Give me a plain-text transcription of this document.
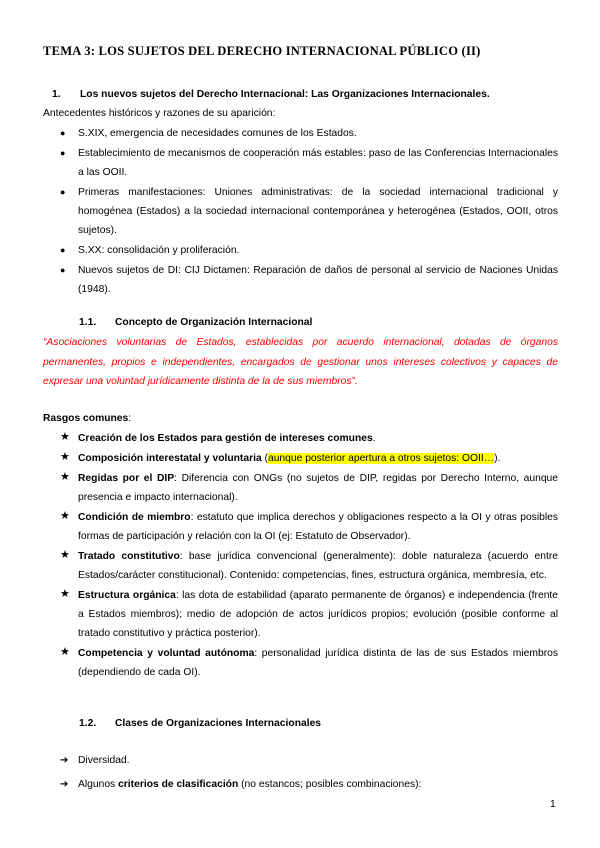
TEMA 3: LOS SUJETOS DEL DERECHO INTERNACIONAL PÚBLICO (II)
1. Los nuevos sujetos del Derecho Internacional: Las Organizaciones Internacionales.
Antecedentes históricos y razones de su aparición:
● S.XIX, emergencia de necesidades comunes de los Estados.
● Establecimiento de mecanismos de cooperación más estables: paso de las Conferencias Internacionales a las OOII.
● Primeras manifestaciones: Uniones administrativas: de la sociedad internacional tradicional y homogénea (Estados) a la sociedad internacional contemporánea y heterogénea (Estados, OOII, otros sujetos).
● S.XX: consolidación y proliferación.
● Nuevos sujetos de DI: CIJ Dictamen: Reparación de daños de personal al servicio de Naciones Unidas (1948).
1.1. Concepto de Organización Internacional
“Asociaciones voluntarias de Estados, establecidas por acuerdo internacional, dotadas de órganos permanentes, propios e independientes, encargados de gestionar unos intereses colectivos y capaces de expresar una voluntad jurídicamente distinta de la de sus miembros”.
Rasgos comunes:
★ Creación de los Estados para gestión de intereses comunes.
★ Composición interestatal y voluntaria (aunque posterior apertura a otros sujetos: OOII…).
★ Regidas por el DIP: Diferencia con ONGs (no sujetos de DIP, regidas por Derecho Interno, aunque presencia e impacto internacional).
★ Condición de miembro: estatuto que implica derechos y obligaciones respecto a la OI y otras posibles formas de participación y relación con la OI (ej: Estatuto de Observador).
★ Tratado constitutivo: base jurídica convencional (generalmente): doble naturaleza (acuerdo entre Estados/carácter constitucional). Contenido: competencias, fines, estructura orgánica, membresía, etc.
★ Estructura orgánica: las dota de estabilidad (aparato permanente de órganos) e independencia (frente a Estados miembros); medio de adopción de actos jurídicos propios; evolución (posible conforme al tratado constitutivo y práctica posterior).
★ Competencia y voluntad autónoma: personalidad jurídica distinta de las de sus Estados miembros (dependiendo de cada OI).
1.2. Clases de Organizaciones Internacionales
➔ Diversidad.
➔ Algunos criterios de clasificación (no estancos; posibles combinaciones):
1
